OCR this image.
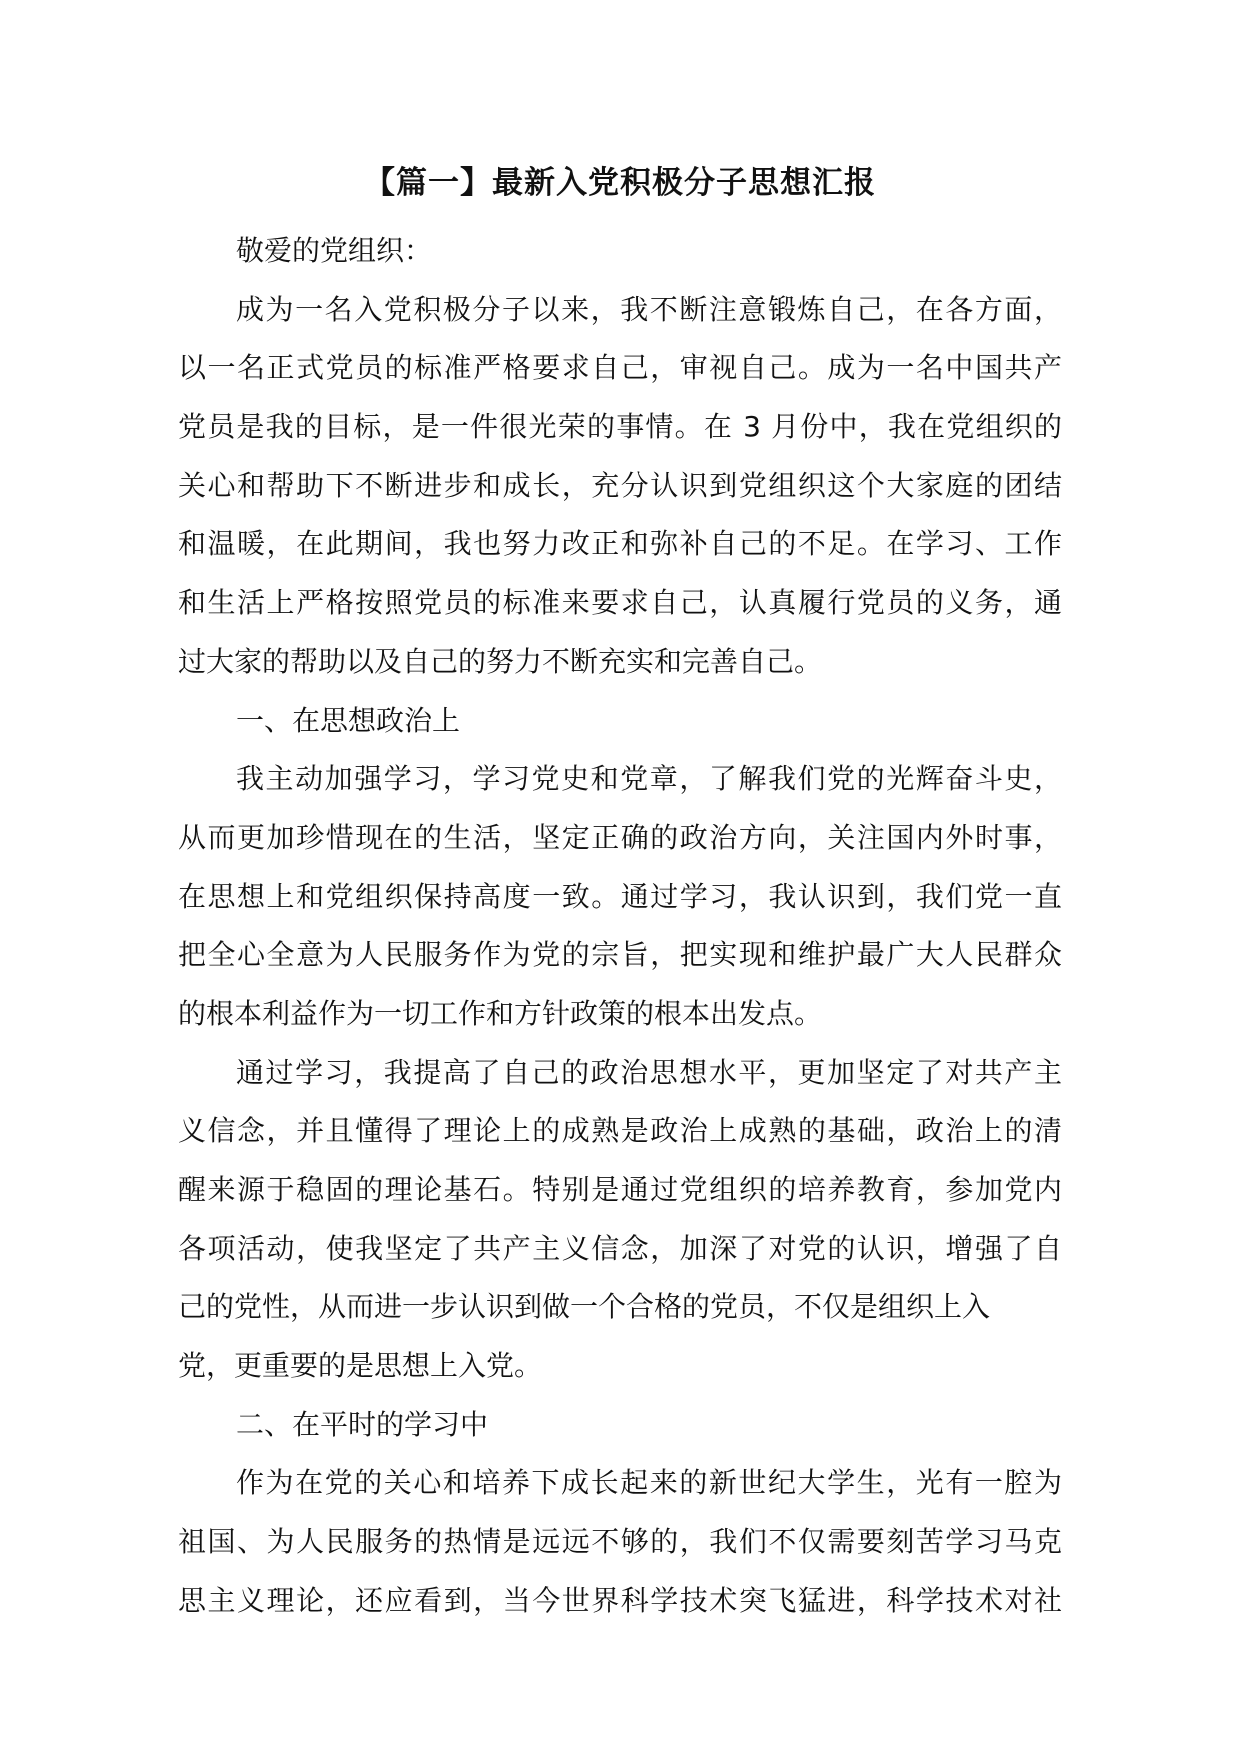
【篇一】最新入党积极分子思想汇报
敬爱的党组织：
成为一名入党积极分子以来，我不断注意锻炼自己，在各方面，
以一名正式党员的标准严格要求自己，审视自己。成为一名中国共产
党员是我的目标，是一件很光荣的事情。在 3 月份中，我在党组织的
关心和帮助下不断进步和成长，充分认识到党组织这个大家庭的团结
和温暖，在此期间，我也努力改正和弥补自己的不足。在学习、工作
和生活上严格按照党员的标准来要求自己，认真履行党员的义务，通
过大家的帮助以及自己的努力不断充实和完善自己。
一、在思想政治上
我主动加强学习，学习党史和党章，了解我们党的光辉奋斗史，
从而更加珍惜现在的生活，坚定正确的政治方向，关注国内外时事，
在思想上和党组织保持高度一致。通过学习，我认识到，我们党一直
把全心全意为人民服务作为党的宗旨，把实现和维护最广大人民群众
的根本利益作为一切工作和方针政策的根本出发点。
通过学习，我提高了自己的政治思想水平，更加坚定了对共产主
义信念，并且懂得了理论上的成熟是政治上成熟的基础，政治上的清
醒来源于稳固的理论基石。特别是通过党组织的培养教育，参加党内
各项活动，使我坚定了共产主义信念，加深了对党的认识，增强了自
己的党性，从而进一步认识到做一个合格的党员，不仅是组织上入
党，更重要的是思想上入党。
二、在平时的学习中
作为在党的关心和培养下成长起来的新世纪大学生，光有一腔为
祖国、为人民服务的热情是远远不够的，我们不仅需要刻苦学习马克
思主义理论，还应看到，当今世界科学技术突飞猛进，科学技术对社
